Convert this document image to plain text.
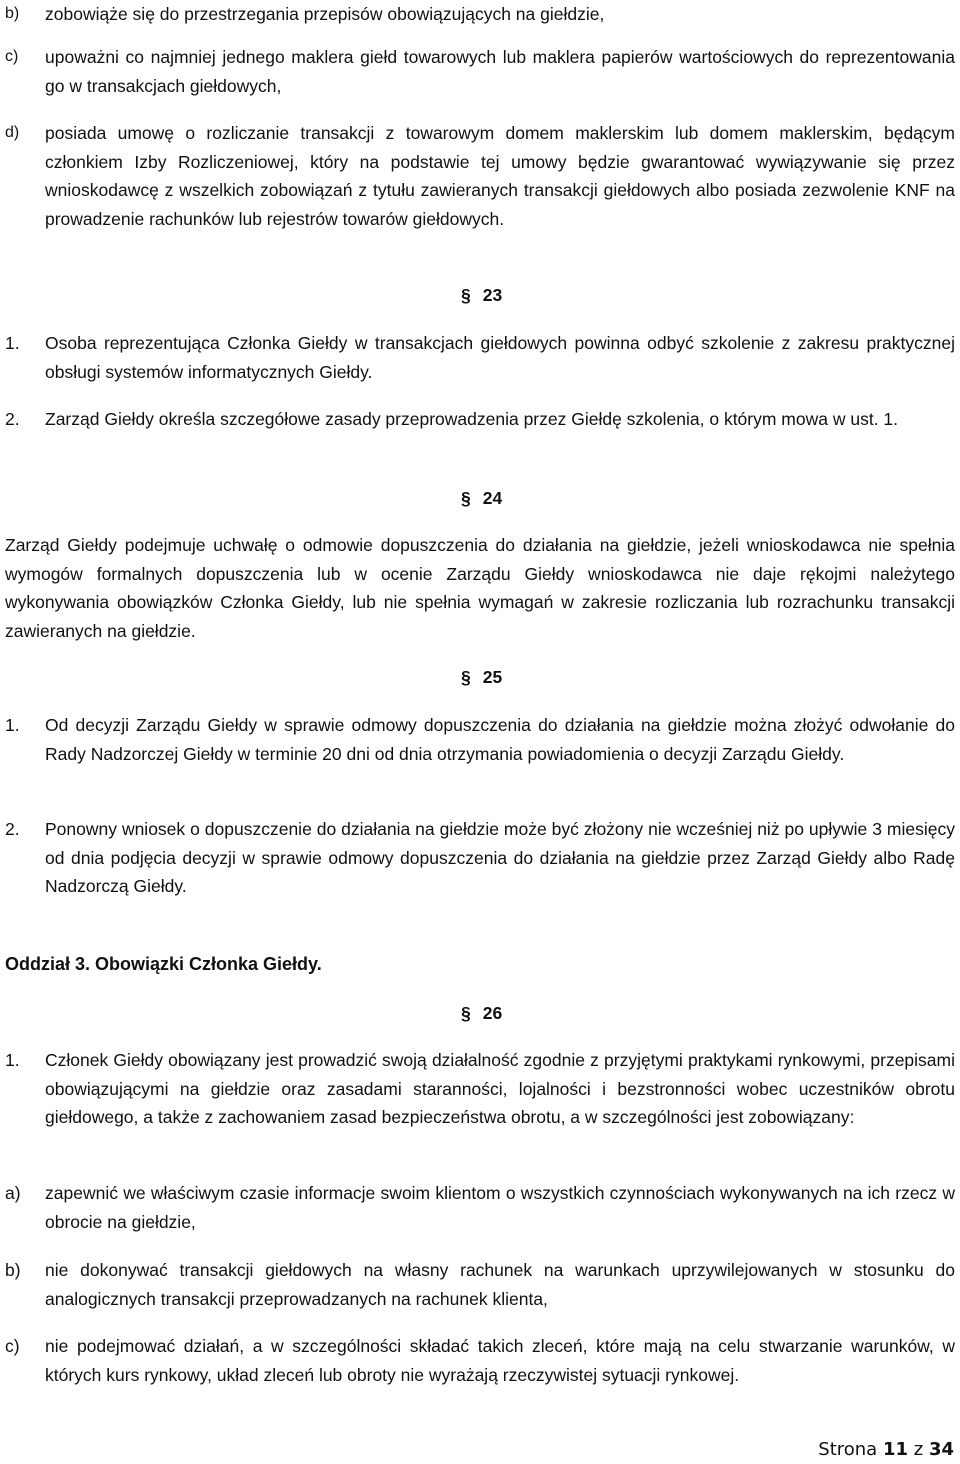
b) zobowiąże się do przestrzegania przepisów obowiązujących na giełdzie,
c) upoważni co najmniej jednego maklera giełd towarowych lub maklera papierów wartościowych do reprezentowania go w transakcjach giełdowych,
d) posiada umowę o rozliczanie transakcji z towarowym domem maklerskim lub domem maklerskim, będącym członkiem Izby Rozliczeniowej, który na podstawie tej umowy będzie gwarantować wywiązywanie się przez wnioskodawcę z wszelkich zobowiązań z tytułu zawieranych transakcji giełdowych albo posiada zezwolenie KNF na prowadzenie rachunków lub rejestrów towarów giełdowych.
§ 23
1. Osoba reprezentująca Członka Giełdy w transakcjach giełdowych powinna odbyć szkolenie z zakresu praktycznej obsługi systemów informatycznych Giełdy.
2. Zarząd Giełdy określa szczegółowe zasady przeprowadzenia przez Giełdę szkolenia, o którym mowa w ust. 1.
§ 24

Zarząd Giełdy podejmuje uchwałę o odmowie dopuszczenia do działania na giełdzie, jeżeli wnioskodawca nie spełnia wymogów formalnych dopuszczenia lub w ocenie Zarządu Giełdy wnioskodawca nie daje rękojmi należytego wykonywania obowiązków Członka Giełdy, lub nie spełnia wymagań w zakresie rozliczania lub rozrachunku transakcji zawieranych na giełdzie.

§ 25
1. Od decyzji Zarządu Giełdy w sprawie odmowy dopuszczenia do działania na giełdzie można złożyć odwołanie do Rady Nadzorczej Giełdy w terminie 20 dni od dnia otrzymania powiadomienia o decyzji Zarządu Giełdy.
2. Ponowny wniosek o dopuszczenie do działania na giełdzie może być złożony nie wcześniej niż po upływie 3 miesięcy od dnia podjęcia decyzji w sprawie odmowy dopuszczenia do działania na giełdzie przez Zarząd Giełdy albo Radę Nadzorczą Giełdy.
Oddział 3. Obowiązki Członka Giełdy.
§ 26
1. Członek Giełdy obowiązany jest prowadzić swoją działalność zgodnie z przyjętymi praktykami rynkowymi, przepisami obowiązującymi na giełdzie oraz zasadami staranności, lojalności i bezstronności wobec uczestników obrotu giełdowego, a także z zachowaniem zasad bezpieczeństwa obrotu, a w szczególności jest zobowiązany:
a) zapewnić we właściwym czasie informacje swoim klientom o wszystkich czynnościach wykonywanych na ich rzecz w obrocie na giełdzie,
b) nie dokonywać transakcji giełdowych na własny rachunek na warunkach uprzywilejowanych w stosunku do analogicznych transakcji przeprowadzanych na rachunek klienta,
c) nie podejmować działań, a w szczególności składać takich zleceń, które mają na celu stwarzanie warunków, w których kurs rynkowy, układ zleceń lub obroty nie wyrażają rzeczywistej sytuacji rynkowej.
Strona 11 z 34
